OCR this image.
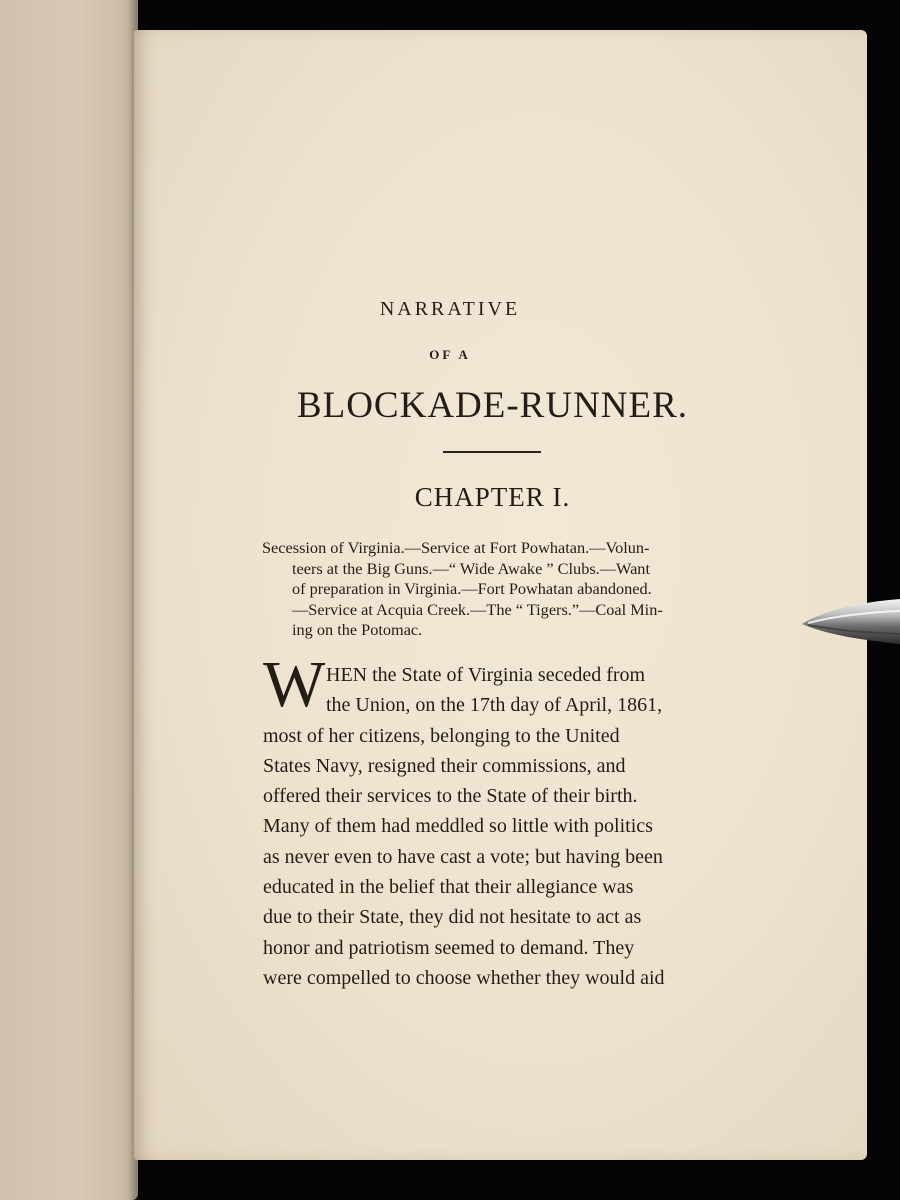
NARRATIVE
OF A
BLOCKADE-RUNNER.
CHAPTER I.
Secession of Virginia.—Service at Fort Powhatan.—Volun-
teers at the Big Guns.—“ Wide Awake ” Clubs.—Want
of preparation in Virginia.—Fort Powhatan abandoned.
—Service at Acquia Creek.—The “ Tigers.”—Coal Min-
ing on the Potomac.
W HEN the State of Virginia seceded from
the Union, on the 17th day of April, 1861,
most of her citizens, belonging to the United
States Navy, resigned their commissions, and
offered their services to the State of their birth.
Many of them had meddled so little with politics
as never even to have cast a vote; but having been
educated in the belief that their allegiance was
due to their State, they did not hesitate to act as
honor and patriotism seemed to demand. They
were compelled to choose whether they would aid
